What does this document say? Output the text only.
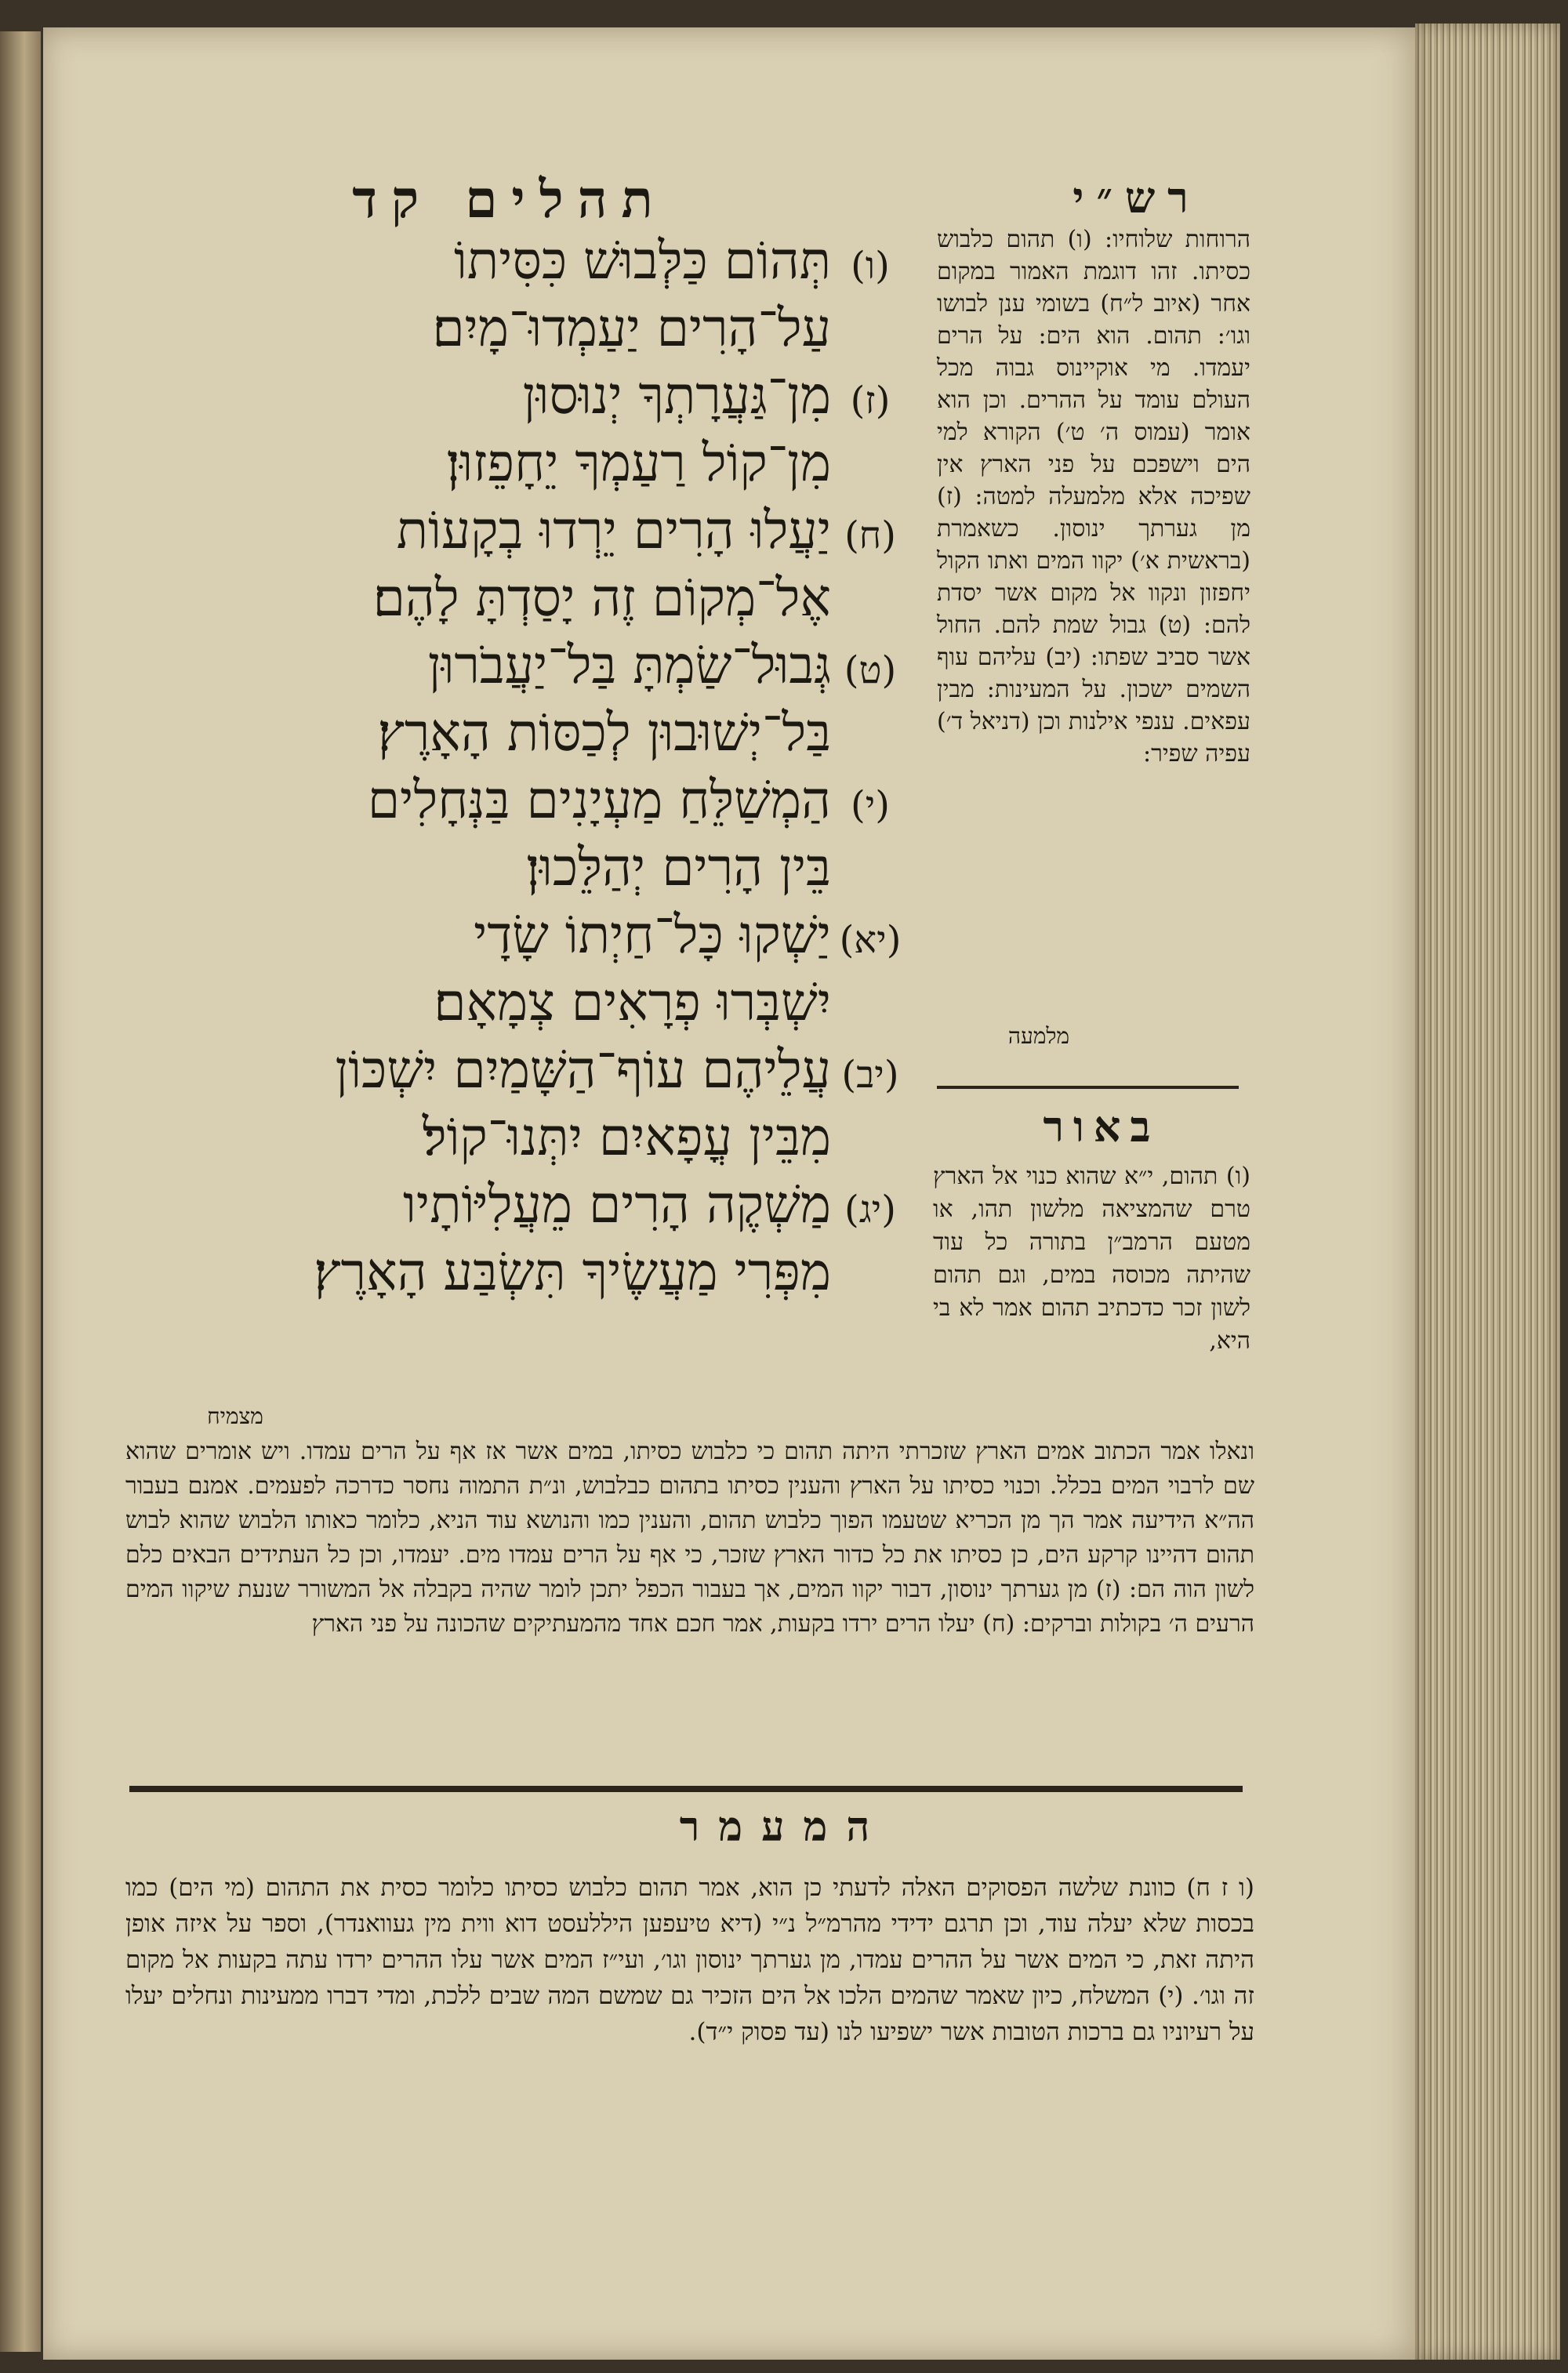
תהלים קד	רש״י
(ו)תְּהוֹם כַּלְּבוּשׁ כִּסִּיתוֹ
עַל־הָרִים יַעַמְדוּ־מָיִם׃
(ז)מִן־גַּעֲרָתְךָ יְנוּסוּן
מִן־קוֹל רַעַמְךָ יֵחָפֵזוּן׃
(ח)יַעֲלוּ הָרִים יֵרְדוּ בְקָעוֹת
אֶל־מְקוֹם זֶה יָסַדְתָּ לָהֶם׃
(ט)גְּבוּל־שַׂמְתָּ בַּל־יַעֲבֹרוּן
בַּל־יְשׁוּבוּן לְכַסּוֹת הָאָרֶץ׃
(י)הַמְשַׁלֵּחַ מַעְיָנִים בַּנְּחָלִים
בֵּין הָרִים יְהַלֵּכוּן׃
(יא)יַשְׁקוּ כָּל־חַיְתוֹ שָׂדָי
יִשְׁבְּרוּ פְרָאִים צְמָאָם׃
(יב)עֲלֵיהֶם עוֹף־הַשָּׁמַיִם יִשְׁכּוֹן
מִבֵּין עֳפָאיִם יִתְּנוּ־קוֹל׃
(יג)מַשְׁקֶה הָרִים מֵעֲלִיּוֹתָיו
מִפְּרִי מַעֲשֶׂיךָ תִּשְׂבַּע הָאָרֶץ׃
הרוחות שלוחיו: (ו) תהום כלבוש כסיתו. זהו דוגמת האמור במקום אחר (איוב ל״ח) בשומי ענן לבושו וגו׳: תהום. הוא הים: על הרים יעמדו. מי אוקיינוס גבוה מכל העולם עומד על ההרים. וכן הוא אומר (עמוס ה׳ ט׳) הקורא למי הים וישפכם על פני הארץ אין שפיכה אלא מלמעלה למטה: (ז) מן גערתך ינוסון. כשאמרת (בראשית א׳) יקוו המים ואתו הקול יחפזון ונקוו אל מקום אשר יסדת להם: (ט) גבול שמת להם. החול אשר סביב שפתו: (יב) עליהם עוף השמים ישכון. על המעינות: מבין עפאים. ענפי אילנות וכן (דניאל ד׳) עפיה שפיר:
מלמעה
באור
(ו) תהום, י״א שהוא כנוי אל הארץ טרם שהמציאה מלשון תהו, או מטעם הרמב״ן בתורה כל עוד שהיתה מכוסה במים, וגם תהום לשון זכר כדכתיב תהום אמר לא בי היא,
מצמיח
ונאלו אמר הכתוב אמים הארץ שזכרתי היתה תהום כי כלבוש כסיתו, במים אשר אז אף על הרים עמדו. ויש אומרים שהוא שם לרבוי המים בכלל. וכנוי כסיתו על הארץ והענין כסיתו בתהום כבלבוש, ונ״ת התמוה נחסר כדרכה לפעמים. אמנם בעבור הה״א הידיעה אמר הך מן הכריא שטעמו הפוך כלבוש תהום, והענין כמו והנושא עוד הניא, כלומר כאותו הלבוש שהוא לבוש תהום דהיינו קרקע הים, כן כסיתו את כל כדור הארץ שזכר, כי אף על הרים עמדו מים. יעמדו, וכן כל העתידים הבאים כלם לשון הוה הם: (ז) מן גערתך ינוסון, דבור יקוו המים, אך בעבור הכפל יתכן לומר שהיה בקבלה אל המשורר שנעת שיקוו המים הרעים ה׳ בקולות וברקים: (ח) יעלו הרים ירדו בקעות, אמר חכם אחד מהמעתיקים שהכונה על פני הארץ
המעמר
(ו ז ח) כוונת שלשה הפסוקים האלה לדעתי כן הוא, אמר תהום כלבוש כסיתו כלומר כסית את התהום (מי הים) כמו בכסות שלא יעלה עוד, וכן תרגם ידידי מהרמ״ל נ״י (דיא טיעפען היללעסט דוא ווית מין געוואנדר), וספר על איזה אופן היתה זאת, כי המים אשר על ההרים עמדו, מן גערתך ינוסון וגו׳, ועי״ז המים אשר עלו ההרים ירדו עתה בקעות אל מקום זה וגו׳. (י) המשלח, כיון שאמר שהמים הלכו אל הים הזכיר גם שמשם המה שבים ללכת, ומדי דברו ממעינות ונחלים יעלו על רעיוניו גם ברכות הטובות אשר ישפיעו לנו (עד פסוק י״ד).
